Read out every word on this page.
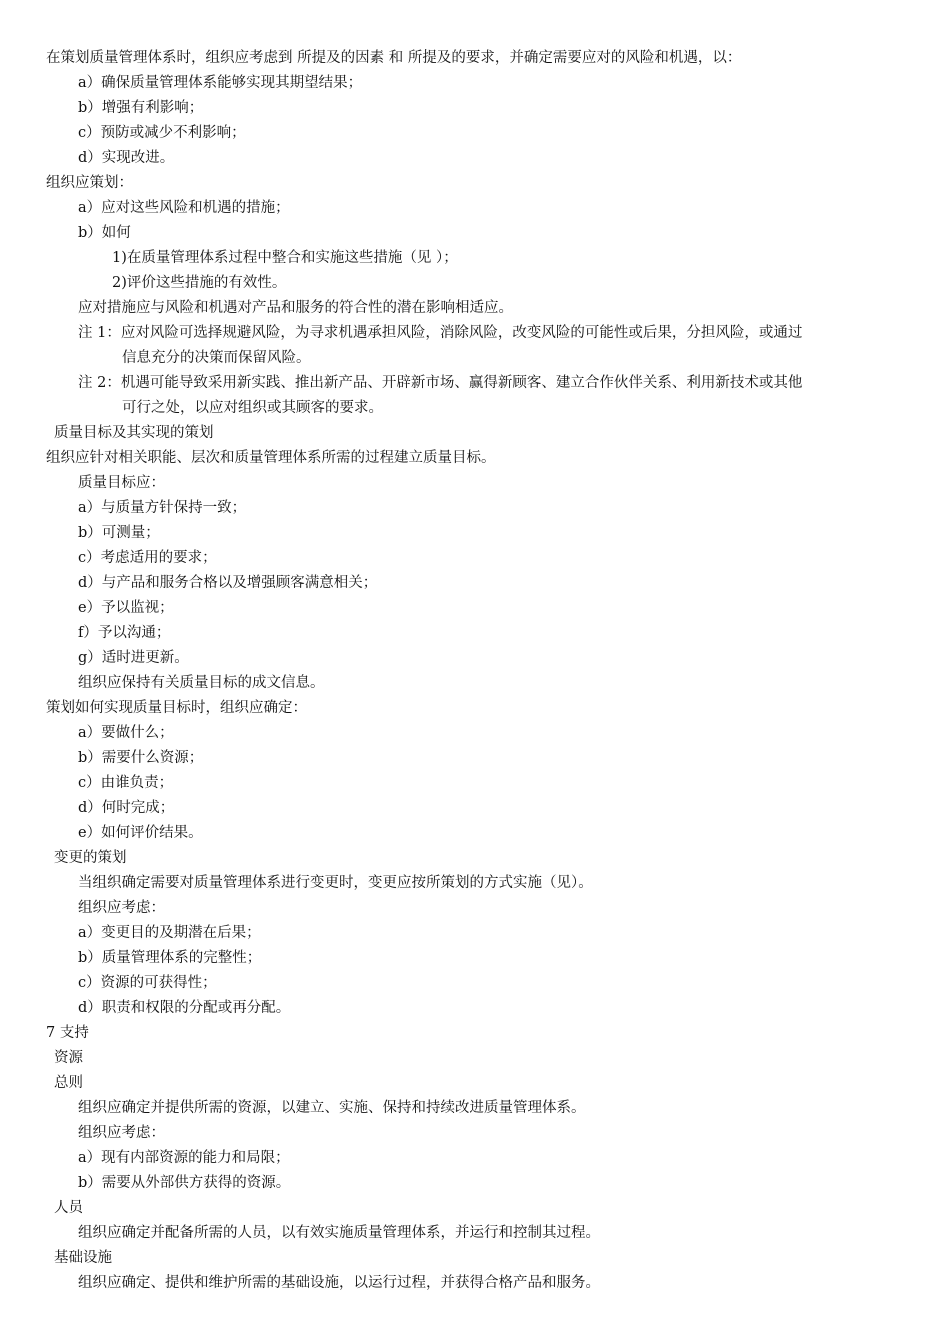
在策划质量管理体系时，组织应考虑到 所提及的因素 和 所提及的要求，并确定需要应对的风险和机遇，以：
a）确保质量管理体系能够实现其期望结果；
b）增强有利影响；
c）预防或减少不利影响；
d）实现改进。
组织应策划：
a）应对这些风险和机遇的措施；
b）如何
1)在质量管理体系过程中整合和实施这些措施（见 ）；
2)评价这些措施的有效性。
应对措施应与风险和机遇对产品和服务的符合性的潜在影响相适应。
注 1：应对风险可选择规避风险，为寻求机遇承担风险，消除风险，改变风险的可能性或后果，分担风险，或通过
信息充分的决策而保留风险。
注 2：机遇可能导致采用新实践、推出新产品、开辟新市场、赢得新顾客、建立合作伙伴关系、利用新技术或其他
可行之处，以应对组织或其顾客的要求。
质量目标及其实现的策划
组织应针对相关职能、层次和质量管理体系所需的过程建立质量目标。
质量目标应：
a）与质量方针保持一致；
b）可测量；
c）考虑适用的要求；
d）与产品和服务合格以及增强顾客满意相关；
e）予以监视；
f）予以沟通；
g）适时进更新。
组织应保持有关质量目标的成文信息。
策划如何实现质量目标时，组织应确定：
a）要做什么；
b）需要什么资源；
c）由谁负责；
d）何时完成；
e）如何评价结果。
变更的策划
当组织确定需要对质量管理体系进行变更时，变更应按所策划的方式实施（见）。
组织应考虑：
a）变更目的及期潜在后果；
b）质量管理体系的完整性；
c）资源的可获得性；
d）职责和权限的分配或再分配。
7 支持
资源
总则
组织应确定并提供所需的资源，以建立、实施、保持和持续改进质量管理体系。
组织应考虑：
a）现有内部资源的能力和局限；
b）需要从外部供方获得的资源。
人员
组织应确定并配备所需的人员，以有效实施质量管理体系，并运行和控制其过程。
基础设施
组织应确定、提供和维护所需的基础设施，以运行过程，并获得合格产品和服务。
